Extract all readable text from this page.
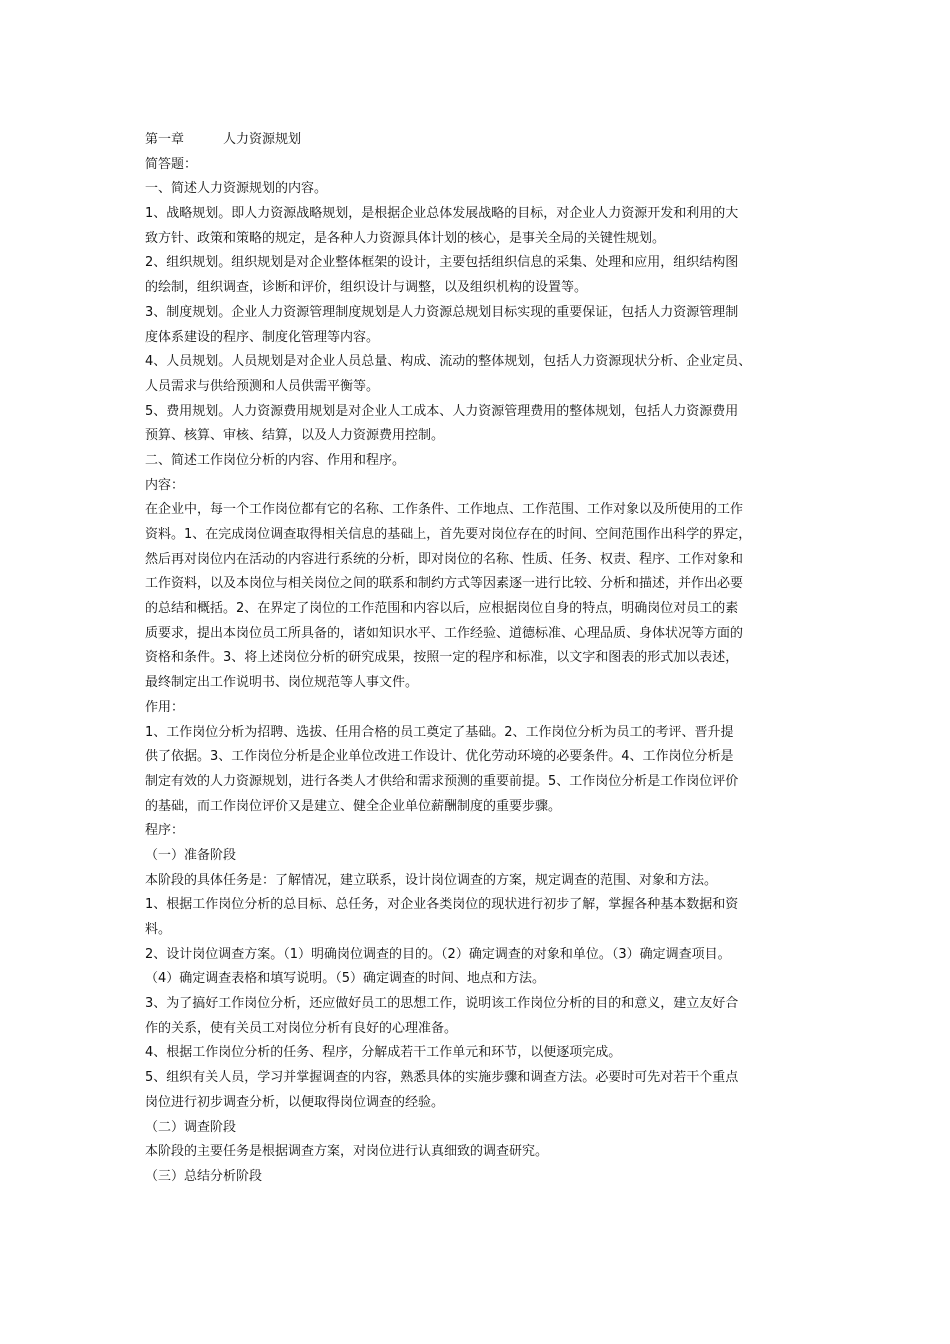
第一章	人力资源规划
简答题：
一、简述人力资源规划的内容。
1、战略规划。即人力资源战略规划，是根据企业总体发展战略的目标，对企业人力资源开发和利用的大
致方针、政策和策略的规定，是各种人力资源具体计划的核心，是事关全局的关键性规划。
2、组织规划。组织规划是对企业整体框架的设计，主要包括组织信息的采集、处理和应用，组织结构图
的绘制，组织调查，诊断和评价，组织设计与调整，以及组织机构的设置等。
3、制度规划。企业人力资源管理制度规划是人力资源总规划目标实现的重要保证，包括人力资源管理制
度体系建设的程序、制度化管理等内容。
4、人员规划。人员规划是对企业人员总量、构成、流动的整体规划，包括人力资源现状分析、企业定员、
人员需求与供给预测和人员供需平衡等。
5、费用规划。人力资源费用规划是对企业人工成本、人力资源管理费用的整体规划，包括人力资源费用
预算、核算、审核、结算，以及人力资源费用控制。
二、简述工作岗位分析的内容、作用和程序。
内容：
在企业中，每一个工作岗位都有它的名称、工作条件、工作地点、工作范围、工作对象以及所使用的工作
资料。1、在完成岗位调查取得相关信息的基础上，首先要对岗位存在的时间、空间范围作出科学的界定，
然后再对岗位内在活动的内容进行系统的分析，即对岗位的名称、性质、任务、权责、程序、工作对象和
工作资料，以及本岗位与相关岗位之间的联系和制约方式等因素逐一进行比较、分析和描述，并作出必要
的总结和概括。2、在界定了岗位的工作范围和内容以后，应根据岗位自身的特点，明确岗位对员工的素
质要求，提出本岗位员工所具备的，诸如知识水平、工作经验、道德标准、心理品质、身体状况等方面的
资格和条件。3、将上述岗位分析的研究成果，按照一定的程序和标准，以文字和图表的形式加以表述，
最终制定出工作说明书、岗位规范等人事文件。
作用：
1、工作岗位分析为招聘、选拔、任用合格的员工奠定了基础。2、工作岗位分析为员工的考评、晋升提
供了依据。3、工作岗位分析是企业单位改进工作设计、优化劳动环境的必要条件。4、工作岗位分析是
制定有效的人力资源规划，进行各类人才供给和需求预测的重要前提。5、工作岗位分析是工作岗位评价
的基础，而工作岗位评价又是建立、健全企业单位薪酬制度的重要步骤。
程序：
（一）准备阶段
本阶段的具体任务是：了解情况，建立联系，设计岗位调查的方案，规定调查的范围、对象和方法。
1、根据工作岗位分析的总目标、总任务，对企业各类岗位的现状进行初步了解，掌握各种基本数据和资
料。
2、设计岗位调查方案。（1）明确岗位调查的目的。（2）确定调查的对象和单位。（3）确定调查项目。
（4）确定调查表格和填写说明。（5）确定调查的时间、地点和方法。
3、为了搞好工作岗位分析，还应做好员工的思想工作，说明该工作岗位分析的目的和意义，建立友好合
作的关系，使有关员工对岗位分析有良好的心理准备。
4、根据工作岗位分析的任务、程序，分解成若干工作单元和环节，以便逐项完成。
5、组织有关人员，学习并掌握调查的内容，熟悉具体的实施步骤和调查方法。必要时可先对若干个重点
岗位进行初步调查分析，以便取得岗位调查的经验。
（二）调查阶段
本阶段的主要任务是根据调查方案，对岗位进行认真细致的调查研究。
（三）总结分析阶段
